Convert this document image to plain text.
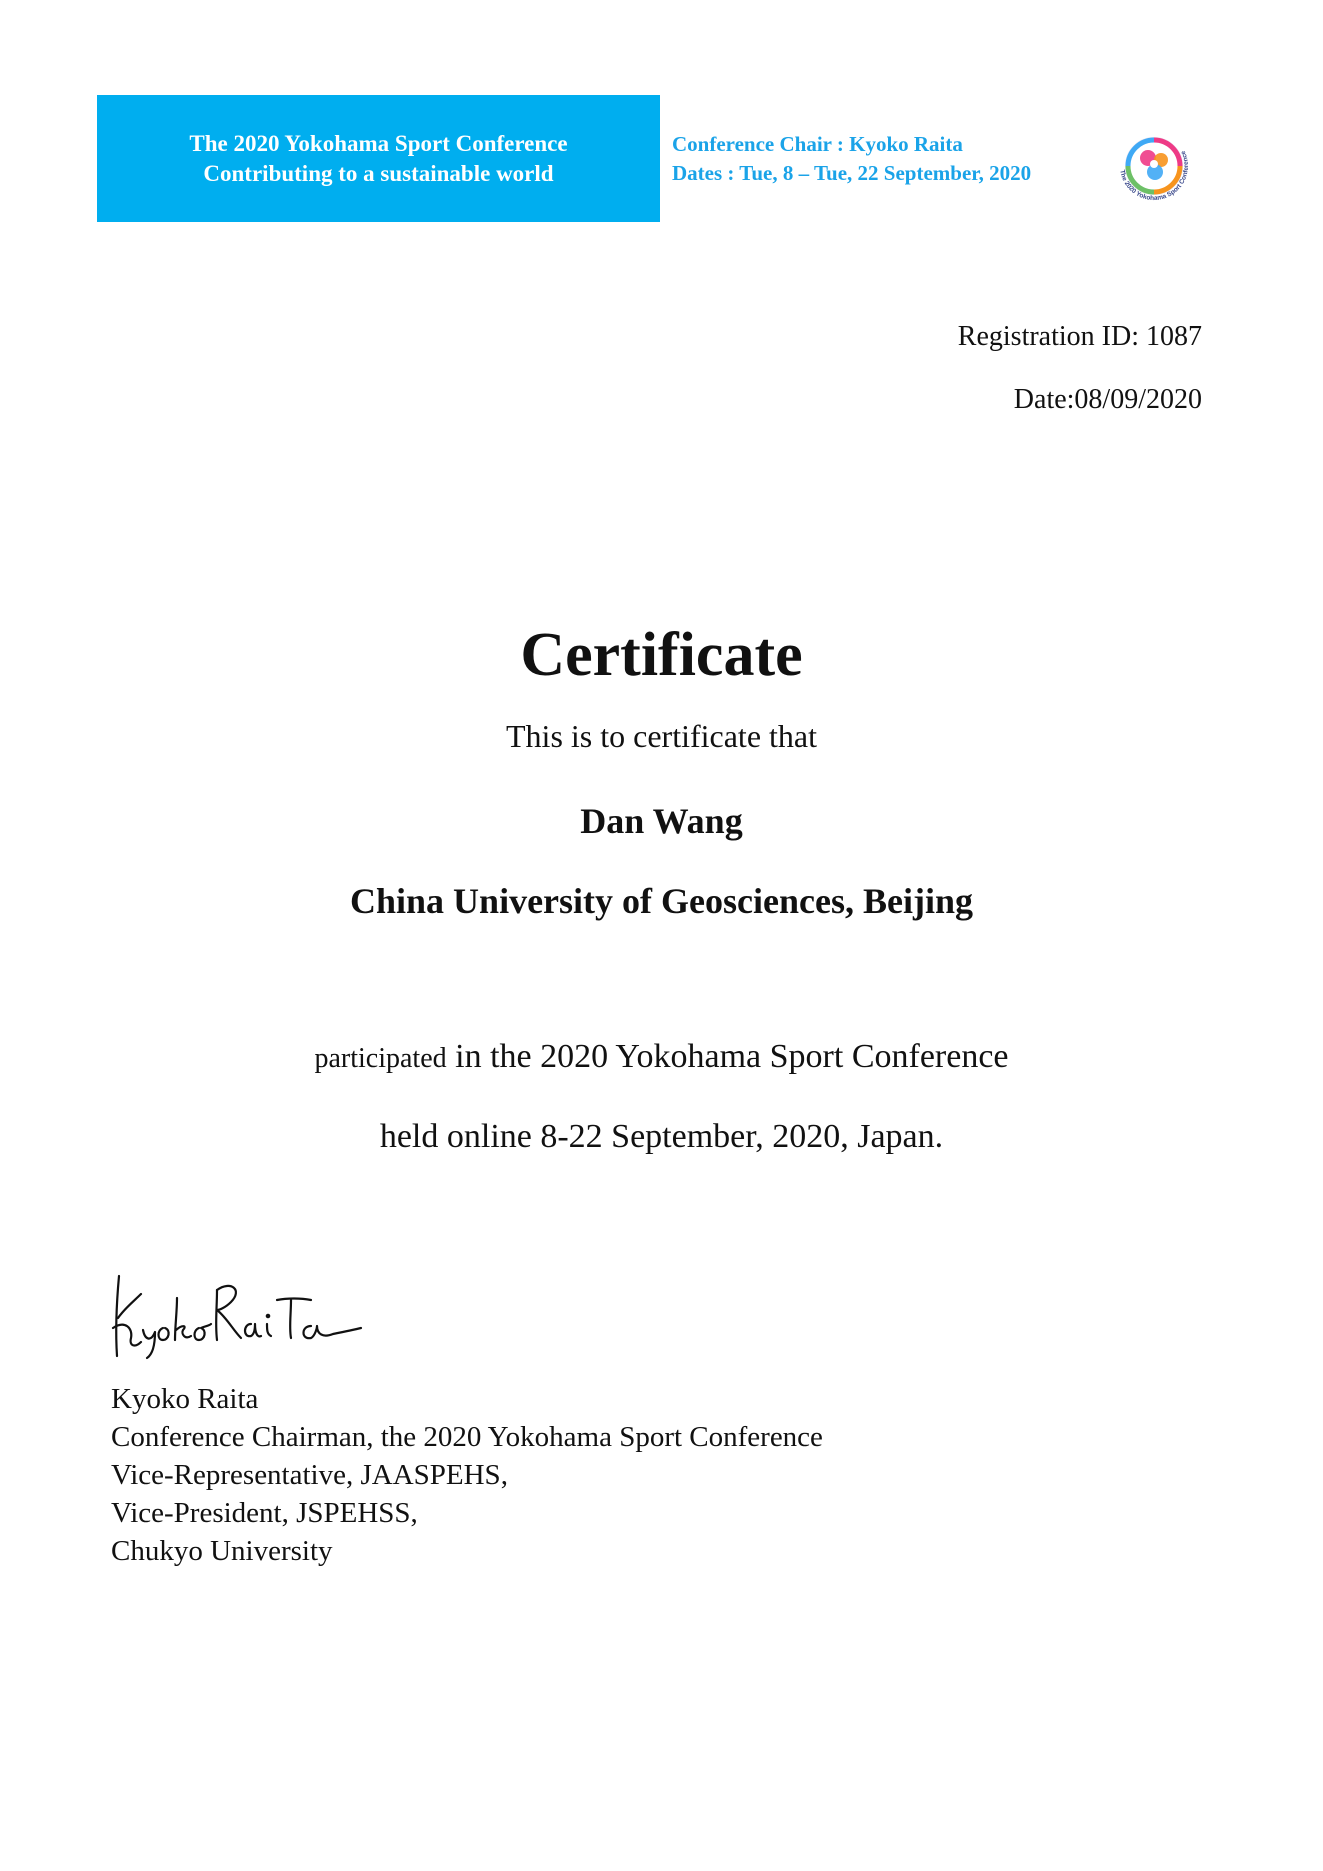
The 2020 Yokohama Sport Conference
Contributing to a sustainable world
Conference Chair : Kyoko Raita
Dates : Tue, 8 – Tue, 22 September, 2020	The 2020 Yokohama Sport Conference
Registration ID: 1087
Date:08/09/2020
Certificate
This is to certificate that
Dan Wang
China University of Geosciences, Beijing
participated in the 2020 Yokohama Sport Conference
held online 8-22 September, 2020, Japan.
Kyoko Raita
Conference Chairman, the 2020 Yokohama Sport Conference
Vice-Representative, JAASPEHS,
Vice-President, JSPEHSS,
Chukyo University
